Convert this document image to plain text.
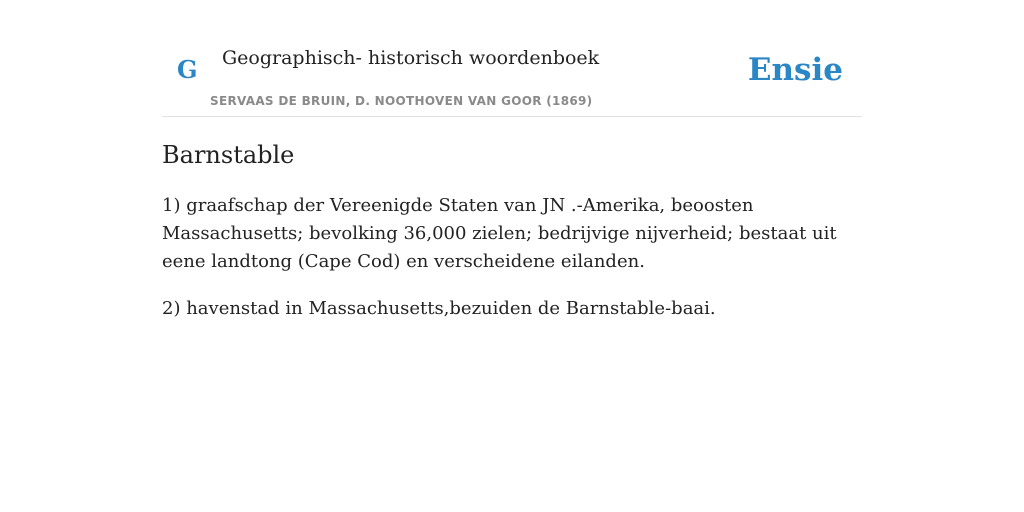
G Geographisch- historisch woordenboek
SERVAAS DE BRUIN, D. NOOTHOVEN VAN GOOR (1869)
Ensie
Barnstable

1) graafschap der Vereenigde Staten van JN .-Amerika, beoosten Massachusetts; bevolking 36,000 zielen; bedrijvige nijverheid; bestaat uit eene landtong (Cape Cod) en verscheidene eilanden.

2) havenstad in Massachusetts,bezuiden de Barnstable-baai.
